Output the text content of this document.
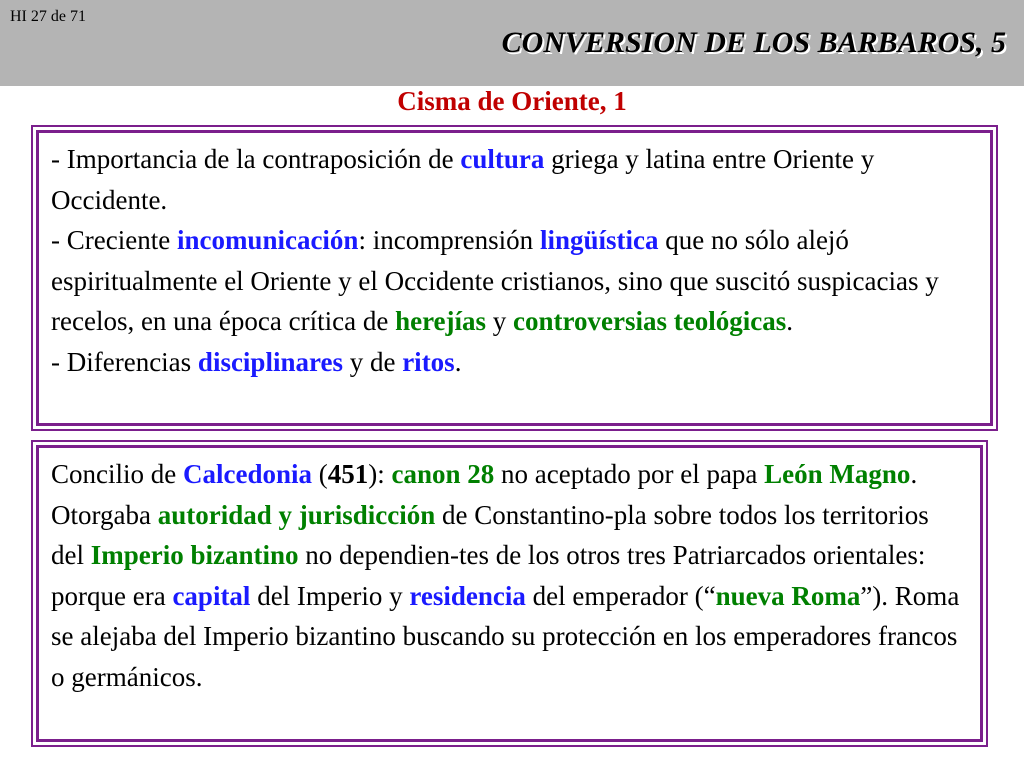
HI 27 de 71
CONVERSION DE LOS BARBAROS, 5
Cisma de Oriente, 1

- Importancia de la contraposición de cultura griega y latina entre Oriente y Occidente.

- Creciente incomunicación: incomprensión lingüística que no sólo alejó espiritualmente el Oriente y el Occidente cristianos, sino que suscitó suspicacias y recelos, en una época crítica de herejías y controversias teológicas.

- Diferencias disciplinares y de ritos.

Concilio de Calcedonia (451): canon 28 no aceptado por el papa León Magno. Otorgaba autoridad y jurisdicción de Constantino-pla sobre todos los territorios del Imperio bizantino no dependien-tes de los otros tres Patriarcados orientales: porque era capital del Imperio y residencia del emperador (“nueva Roma”). Roma se alejaba del Imperio bizantino buscando su protección en los emperadores francos o germánicos.
